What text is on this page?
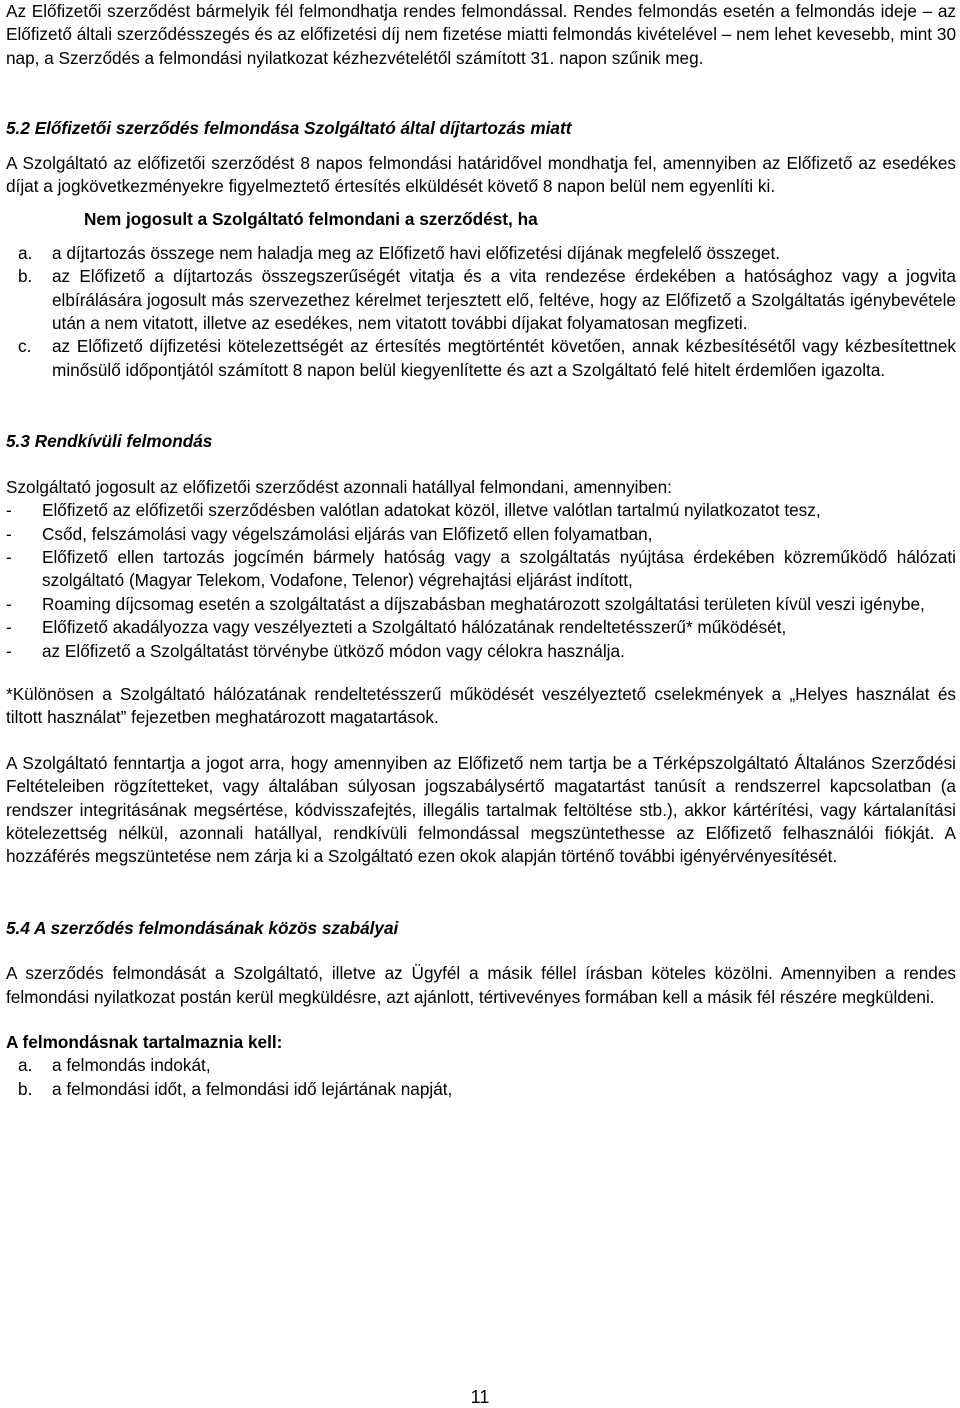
Az Előfizetői szerződést bármelyik fél felmondhatja rendes felmondással. Rendes felmondás esetén a felmondás ideje – az Előfizető általi szerződésszegés és az előfizetési díj nem fizetése miatti felmondás kivételével – nem lehet kevesebb, mint 30 nap, a Szerződés a felmondási nyilatkozat kézhezvételétől számított 31. napon szűnik meg.

5.2 Előfizetői szerződés felmondása Szolgáltató által díjtartozás miatt

A Szolgáltató az előfizetői szerződést 8 napos felmondási határidővel mondhatja fel, amennyiben az Előfizető az esedékes díjat a jogkövetkezményekre figyelmeztető értesítés elküldését követő 8 napon belül nem egyenlíti ki.

Nem jogosult a Szolgáltató felmondani a szerződést, ha

a.	a díjtartozás összege nem haladja meg az Előfizető havi előfizetési díjának megfelelő összeget.
b.	az Előfizető a díjtartozás összegszerűségét vitatja és a vita rendezése érdekében a hatósághoz vagy a jogvita elbírálására jogosult más szervezethez kérelmet terjesztett elő, feltéve, hogy az Előfizető a Szolgáltatás igénybevétele után a nem vitatott, illetve az esedékes, nem vitatott további díjakat folyamatosan megfizeti.
c.	az Előfizető díjfizetési kötelezettségét az értesítés megtörténtét követően, annak kézbesítésétől vagy kézbesítettnek minősülő időpontjától számított 8 napon belül kiegyenlítette és azt a Szolgáltató felé hitelt érdemlően igazolta.

5.3 Rendkívüli felmondás

Szolgáltató jogosult az előfizetői szerződést azonnali hatállyal felmondani, amennyiben:

-	Előfizető az előfizetői szerződésben valótlan adatokat közöl, illetve valótlan tartalmú nyilatkozatot tesz,
-	Csőd, felszámolási vagy végelszámolási eljárás van Előfizető ellen folyamatban,
-	Előfizető ellen tartozás jogcímén bármely hatóság vagy a szolgáltatás nyújtása érdekében közreműködő hálózati szolgáltató (Magyar Telekom, Vodafone, Telenor) végrehajtási eljárást indított,
-	Roaming díjcsomag esetén a szolgáltatást a díjszabásban meghatározott szolgáltatási területen kívül veszi igénybe,
-	Előfizető akadályozza vagy veszélyezteti a Szolgáltató hálózatának rendeltetésszerű* működését,
-	az Előfizető a Szolgáltatást törvénybe ütköző módon vagy célokra használja.

*Különösen a Szolgáltató hálózatának rendeltetésszerű működését veszélyeztető cselekmények a „Helyes használat és tiltott használat” fejezetben meghatározott magatartások.

A Szolgáltató fenntartja a jogot arra, hogy amennyiben az Előfizető nem tartja be a Térképszolgáltató Általános Szerződési Feltételeiben rögzítetteket, vagy általában súlyosan jogszabálysértő magatartást tanúsít a rendszerrel kapcsolatban (a rendszer integritásának megsértése, kódvisszafejtés, illegális tartalmak feltöltése stb.), akkor kártérítési, vagy kártalanítási kötelezettség nélkül, azonnali hatállyal, rendkívüli felmondással megszüntethesse az Előfizető felhasználói fiókját. A hozzáférés megszüntetése nem zárja ki a Szolgáltató ezen okok alapján történő további igényérvényesítését.

5.4 A szerződés felmondásának közös szabályai

A szerződés felmondását a Szolgáltató, illetve az Ügyfél a másik féllel írásban köteles közölni. Amennyiben a rendes felmondási nyilatkozat postán kerül megküldésre, azt ajánlott, tértivevényes formában kell a másik fél részére megküldeni.

A felmondásnak tartalmaznia kell:

a.	a felmondás indokát,
b.	a felmondási időt, a felmondási idő lejártának napját,
11
